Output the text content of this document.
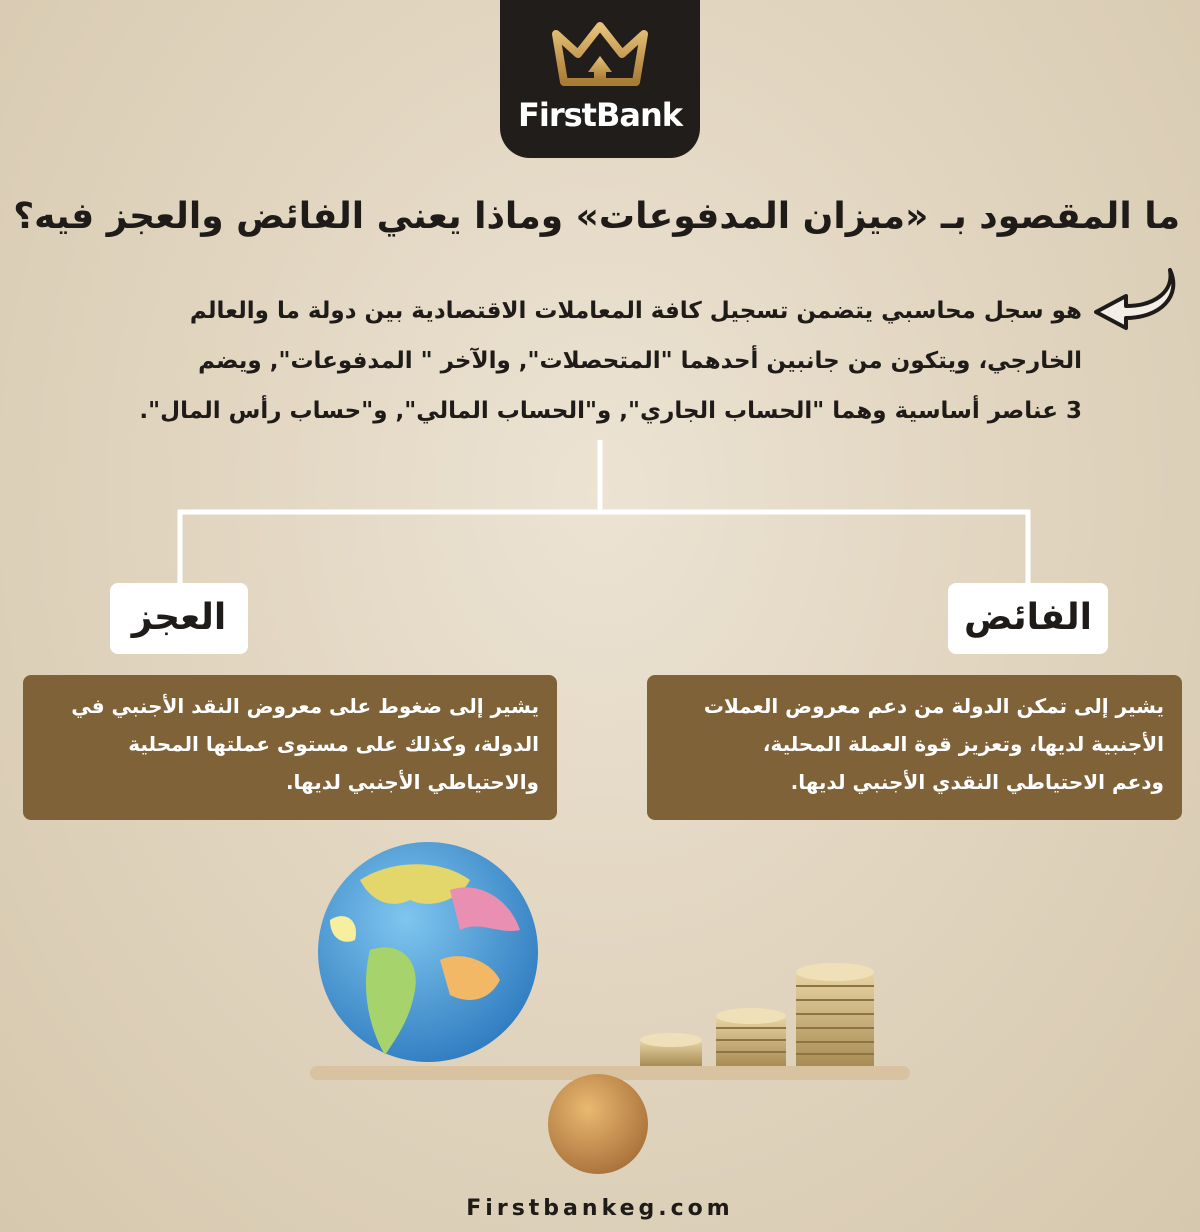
FirstBank
ما المقصود بـ «ميزان المدفوعات» وماذا يعني الفائض والعجز فيه؟
هو سجل محاسبي يتضمن تسجيل كافة المعاملات الاقتصادية بين دولة ما والعالم
الخارجي، ويتكون من جانبين أحدهما "المتحصلات", والآخر " المدفوعات", ويضم
3 عناصر أساسية وهما "الحساب الجاري", و"الحساب المالي", و"حساب رأس المال".
الفائض
العجز
يشير إلى تمكن الدولة من دعم معروض العملات
الأجنبية لديها، وتعزيز قوة العملة المحلية،
ودعم الاحتياطي النقدي الأجنبي لديها.
يشير إلى ضغوط على معروض النقد الأجنبي في
الدولة، وكذلك على مستوى عملتها المحلية
والاحتياطي الأجنبي لديها.
Firstbankeg.com
